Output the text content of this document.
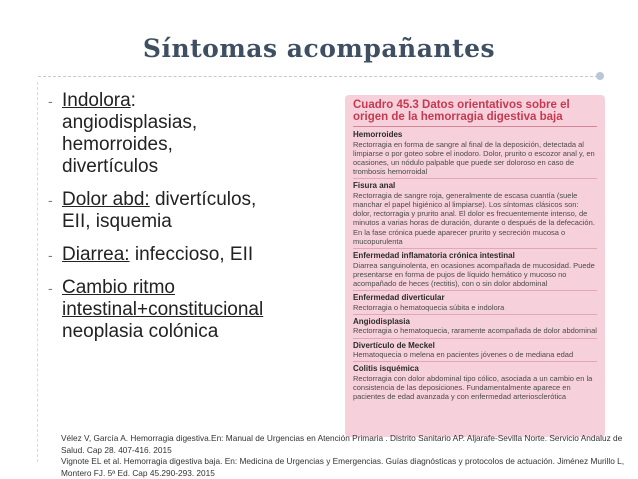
Síntomas acompañantes
- Indolora:
angiodisplasias,
hemorroides,
divertículos
- Dolor abd: divertículos,
EII, isquemia
- Diarrea: infeccioso, EII
- Cambio ritmo
intestinal+constitucional
neoplasia colónica
Cuadro 45.3 Datos orientativos sobre el origen de la hemorragia digestiva baja
Hemorroides
Rectorragia en forma de sangre al final de la deposición, detectada al limpiarse o por goteo sobre el inodoro. Dolor, prurito o escozor anal y, en ocasiones, un nódulo palpable que puede ser doloroso en caso de trombosis hemorroidal
Fisura anal
Rectorragia de sangre roja, generalmente de escasa cuantía (suele manchar el papel higiénico al limpiarse). Los síntomas clásicos son: dolor, rectorragia y prurito anal. El dolor es frecuentemente intenso, de minutos a varias horas de duración, durante o después de la defecación. En la fase crónica puede aparecer prurito y secreción mucosa o mucopurulenta
Enfermedad inflamatoria crónica intestinal
Diarrea sanguinolenta, en ocasiones acompañada de mucosidad. Puede presentarse en forma de pujos de líquido hemático y mucoso no acompañado de heces (rectitis), con o sin dolor abdominal
Enfermedad diverticular
Rectorragia o hematoquecia súbita e indolora
Angiodisplasia
Rectorragia o hematoquecia, raramente acompañada de dolor abdominal
Divertículo de Meckel
Hematoquecia o melena en pacientes jóvenes o de mediana edad
Colitis isquémica
Rectorragia con dolor abdominal tipo cólico, asociada a un cambio en la consistencia de las deposiciones. Fundamentalmente aparece en pacientes de edad avanzada y con enfermedad arteriosclerótica
Vélez V, García A. Hemorragia digestiva.En: Manual de Urgencias en Atención Primaria . Distrito Sanitario AP. Aljarafe-Sevilla Norte. Servicio Andaluz de Salud. Cap 28. 407-416. 2015
Vignote EL et al. Hemorragia digestiva baja. En: Medicina de Urgencias y Emergencias. Guías diagnósticas y protocolos de actuación. Jiménez Murillo L, Montero FJ. 5ª Ed. Cap 45.290-293. 2015
